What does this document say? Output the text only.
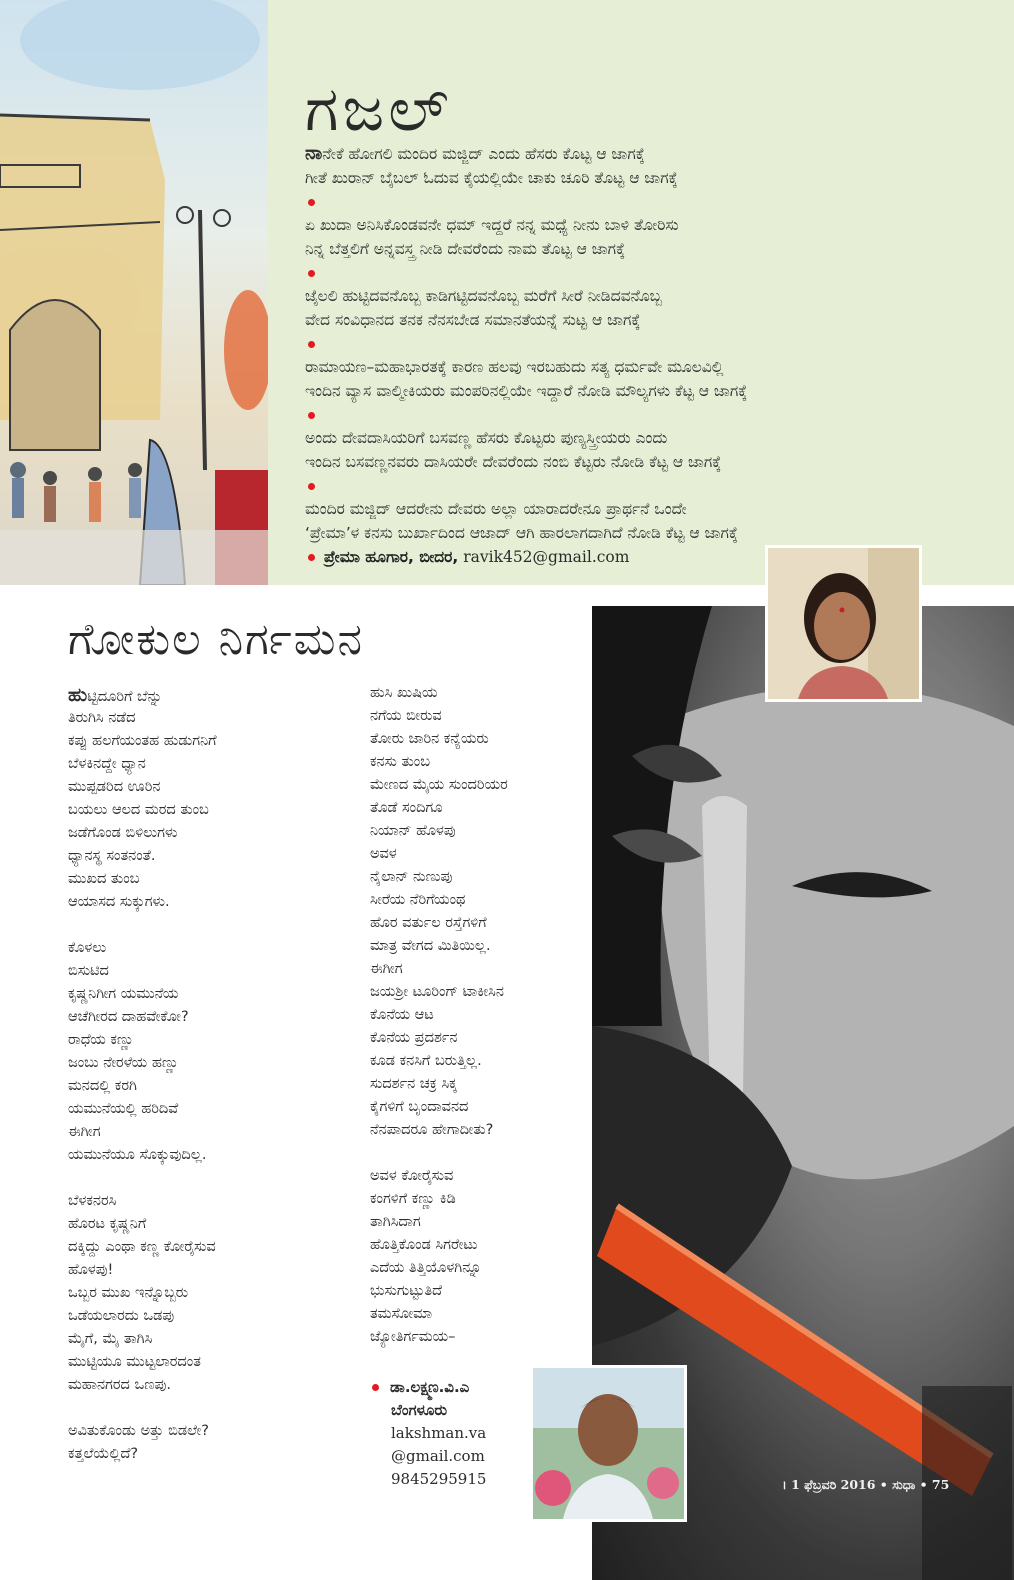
ಗಜಲ್
ನಾನೇಕೆ ಹೋಗಲಿ ಮಂದಿರ ಮಜ್ಜಿದ್ ಎಂದು ಹೆಸರು ಕೊಟ್ಟ ಆ ಜಾಗಕ್ಕೆ
ಗೀತೆ ಖುರಾನ್ ಬೈಬಲ್ ಓದುವ ಕೈಯಲ್ಲಿಯೇ ಚಾಕು ಚೂರಿ ತೊಟ್ಟ ಆ ಜಾಗಕ್ಕೆ
ಏ ಖುದಾ ಅನಿಸಿಕೊಂಡವನೇ ಧಮ್ ಇದ್ದರೆ ನನ್ನ ಮಧ್ಯೆ ನೀನು ಬಾಳಿ ತೋರಿಸು
ನಿನ್ನ ಬೆತ್ತಲಿಗೆ ಅನ್ನವಸ್ತ್ರ ನೀಡಿ ದೇವರೆಂದು ನಾಮ ತೊಟ್ಟ ಆ ಜಾಗಕ್ಕೆ
ಜೈಲಲಿ ಹುಟ್ಟಿದವನೊಬ್ಬ ಕಾಡಿಗಟ್ಟಿದವನೊಬ್ಬ ಮರೆಗೆ ಸೀರೆ ನೀಡಿದವನೊಬ್ಬ
ವೇದ ಸಂವಿಧಾನದ ತನಕ ನೆನಸಬೇಡ ಸಮಾನತೆಯನ್ನೆ ಸುಟ್ಟ ಆ ಜಾಗಕ್ಕೆ
ರಾಮಾಯಣ–ಮಹಾಭಾರತಕ್ಕೆ ಕಾರಣ ಹಲವು ಇರಬಹುದು ಸತ್ಯ ಧರ್ಮವೇ ಮೂಲವಿಲ್ಲಿ
ಇಂದಿನ ವ್ಯಾಸ ವಾಲ್ಮೀಕಿಯರು ಮಂಪರಿನಲ್ಲಿಯೇ ಇದ್ದಾರೆ ನೋಡಿ ಮೌಲ್ಯಗಳು ಕೆಟ್ಟ ಆ ಜಾಗಕ್ಕೆ
ಅಂದು ದೇವದಾಸಿಯರಿಗೆ ಬಸವಣ್ಣ ಹೆಸರು ಕೊಟ್ಟರು ಪುಣ್ಯಸ್ತ್ರೀಯರು ಎಂದು
ಇಂದಿನ ಬಸವಣ್ಣನವರು ದಾಸಿಯರೇ ದೇವರೆಂದು ನಂಬಿ ಕೆಟ್ಟರು ನೋಡಿ ಕೆಟ್ಟ ಆ ಜಾಗಕ್ಕೆ
ಮಂದಿರ ಮಜ್ಜಿದ್ ಆದರೇನು ದೇವರು ಅಲ್ಲಾ ಯಾರಾದರೇನೂ ಪ್ರಾರ್ಥನೆ ಒಂದೇ
‘ಪ್ರೇಮಾ’ಳ ಕನಸು ಬುರ್ಖಾದಿಂದ ಆಜಾದ್ ಆಗಿ ಹಾರಲಾಗದಾಗಿದೆ ನೋಡಿ ಕೆಟ್ಟ ಆ ಜಾಗಕ್ಕೆ
ಪ್ರೇಮಾ ಹೂಗಾರ, ಬೀದರ, ravik452@gmail.com
ಗೋಕುಲ ನಿರ್ಗಮನ
ಹುಟ್ಟಿದೂರಿಗೆ ಬೆನ್ನು
ತಿರುಗಿಸಿ ನಡೆದ
ಕಪ್ಪು ಹಲಗೆಯಂತಹ ಹುಡುಗನಿಗೆ
ಬೆಳಕಿನದ್ದೇ ಧ್ಯಾನ
ಮುಪ್ಪಡರಿದ ಊರಿನ
ಬಯಲು ಆಲದ ಮರದ ತುಂಬ
ಜಡೆಗೊಂಡ ಬಿಳಿಲುಗಳು
ಧ್ಯಾನಸ್ಥ ಸಂತನಂತೆ.
ಮುಖದ ತುಂಬ
ಆಯಾಸದ ಸುಕ್ಕುಗಳು.
ಕೊಳಲು
ಬಿಸುಟಿದ
ಕೃಷ್ಣನಿಗೀಗ ಯಮುನೆಯ
ಆಚೆಗೀರದ ದಾಹವೇಕೋ?
ರಾಧೆಯ ಕಣ್ಣು
ಜಂಬು ನೇರಳೆಯ ಹಣ್ಣು
ಮನದಲ್ಲಿ ಕರಗಿ
ಯಮುನೆಯಲ್ಲಿ ಹರಿದಿವೆ
ಈಗೀಗ
ಯಮುನೆಯೂ ಸೊಕ್ಕುವುದಿಲ್ಲ.
ಬೆಳಕನರಸಿ
ಹೊರಟ ಕೃಷ್ಣನಿಗೆ
ದಕ್ಕಿದ್ದು ಎಂಥಾ ಕಣ್ಣ ಕೋರೈಸುವ
ಹೊಳಪು!
ಒಬ್ಬರ ಮುಖ ಇನ್ನೊಬ್ಬರು
ಒಡೆಯಲಾರದು ಒಡಪು
ಮೈಗೆ, ಮೈ ತಾಗಿಸಿ
ಮುಟ್ಟಿಯೂ ಮುಟ್ಟಲಾರದಂತ
ಮಹಾನಗರದ ಒಣಪು.
ಅವಿತುಕೊಂಡು ಅತ್ತು ಬಿಡಲೇ?
ಕತ್ತಲೆಯೆಲ್ಲಿದೆ?
ಹುಸಿ ಖುಷಿಯ
ನಗೆಯ ಬೀರುವ
ತೋರು ಜಾರಿನ ಕನ್ಯೆಯರು
ಕನಸು ತುಂಬ
ಮೇಣದ ಮೈಯ ಸುಂದರಿಯರ
ತೊಡೆ ಸಂದಿಗೂ
ನಿಯಾನ್ ಹೊಳಪು
ಅವಳ
ನೈಲಾನ್ ನುಣುಪು
ಸೀರೆಯ ನೆರಿಗೆಯಂಥ
ಹೊರ ವರ್ತುಲ ರಸ್ತೆಗಳಿಗೆ
ಮಾತ್ರ ವೇಗದ ಮಿತಿಯಿಲ್ಲ.
ಈಗೀಗ
ಜಯಶ್ರೀ ಟೂರಿಂಗ್ ಟಾಕೀಸಿನ
ಕೊನೆಯ ಆಟ
ಕೊನೆಯ ಪ್ರದರ್ಶನ
ಕೂಡ ಕನಸಿಗೆ ಬರುತ್ತಿಲ್ಲ.
ಸುದರ್ಶನ ಚಕ್ರ ಸಿಕ್ಕ
ಕೈಗಳಿಗೆ ಬೃಂದಾವನದ
ನೆನಪಾದರೂ ಹೇಗಾದೀತು?
ಅವಳ ಕೋರೈಸುವ
ಕಂಗಳಿಗೆ ಕಣ್ಣು ಕಿಡಿ
ತಾಗಿಸಿದಾಗ
ಹೊತ್ತಿಕೊಂಡ ಸಿಗರೇಟು
ಎದೆಯ ತಿತ್ತಿಯೊಳಗಿನ್ನೂ
ಭುಸುಗುಟ್ಟುತಿದೆ
ತಮಸೋಮಾ
ಜ್ಯೋತಿರ್ಗಮಯ–
ಡಾ.ಲಕ್ಷ್ಮಣ.ವಿ.ಎ
ಬೆಂಗಳೂರು
lakshman.va
@gmail.com
9845295915	। 1 ಫೆಬ್ರವರಿ 2016 • ಸುಧಾ • 75
